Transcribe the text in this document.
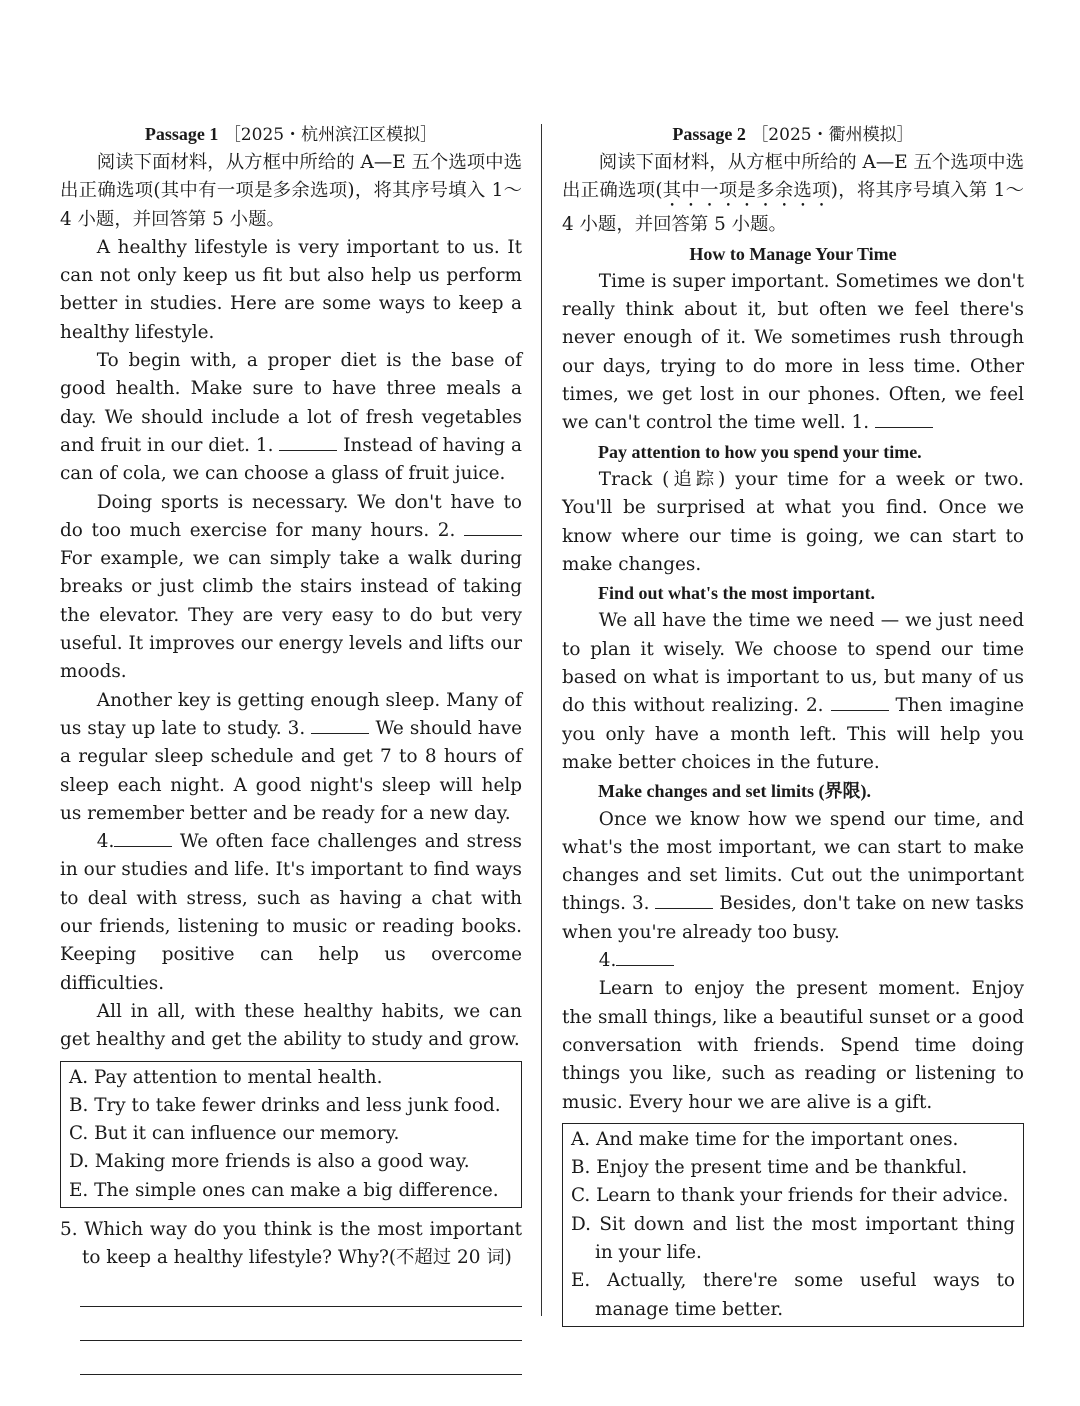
Passage 1 ［2025・杭州滨江区模拟］

阅读下面材料，从方框中所给的 A—E 五个选项中选出正确选项(其中有一项是多余选项)，将其序号填入 1～4 小题，并回答第 5 小题。

A healthy lifestyle is very important to us. It can not only keep us fit but also help us perform better in studies. Here are some ways to keep a healthy lifestyle.

To begin with, a proper diet is the base of good health. Make sure to have three meals a day. We should include a lot of fresh vegetables and fruit in our diet. 1.	Instead of having a can of cola, we can choose a glass of fruit juice.

Doing sports is necessary. We don't have to do too much exercise for many hours. 2.  For example, we can simply take a walk during breaks or just climb the stairs instead of taking the elevator. They are very easy to do but very useful. It improves our energy levels and lifts our moods.

Another key is getting enough sleep. Many of us stay up late to study. 3.	We should have a regular sleep schedule and get 7 to 8 hours of sleep each night. A good night's sleep will help us remember better and be ready for a new day.

4.	We often face challenges and stress in our studies and life. It's important to find ways to deal with stress, such as having a chat with our friends, listening to music or reading books. Keeping positive can help us overcome difficulties.

All in all, with these healthy habits, we can get healthy and get the ability to study and grow.

A. Pay attention to mental health.
B. Try to take fewer drinks and less junk food.
C. But it can influence our memory.
D. Making more friends is also a good way.
E. The simple ones can make a big difference.
5. Which way do you think is the most important to keep a healthy lifestyle? Why?(不超过 20 词)
Passage 2 ［2025・衢州模拟］

阅读下面材料，从方框中所给的 A—E 五个选项中选出正确选项(其中一项是多余选项)，将其序号填入第 1～4 小题，并回答第 5 小题。

How to Manage Your Time

Time is super important. Sometimes we don't really think about it, but often we feel there's never enough of it. We sometimes rush through our days, trying to do more in less time. Other times, we get lost in our phones. Often, we feel we can't control the time well. 1.

Pay attention to how you spend your time.

Track (追踪) your time for a week or two. You'll be surprised at what you find. Once we know where our time is going, we can start to make changes.

Find out what's the most important.

We all have the time we need — we just need to plan it wisely. We choose to spend our time based on what is important to us, but many of us do this without realizing. 2.	Then imagine you only have a month left. This will help you make better choices in the future.

Make changes and set limits (界限).

Once we know how we spend our time, and what's the most important, we can start to make changes and set limits. Cut out the unimportant things. 3.	Besides, don't take on new tasks when you're already too busy.

4.

Learn to enjoy the present moment. Enjoy the small things, like a beautiful sunset or a good conversation with friends. Spend time doing things you like, such as reading or listening to music. Every hour we are alive is a gift.

A. And make time for the important ones.
B. Enjoy the present time and be thankful.
C. Learn to thank your friends for their advice.
D. Sit down and list the most important thing in your life.
E. Actually, there're some useful ways to manage time better.
